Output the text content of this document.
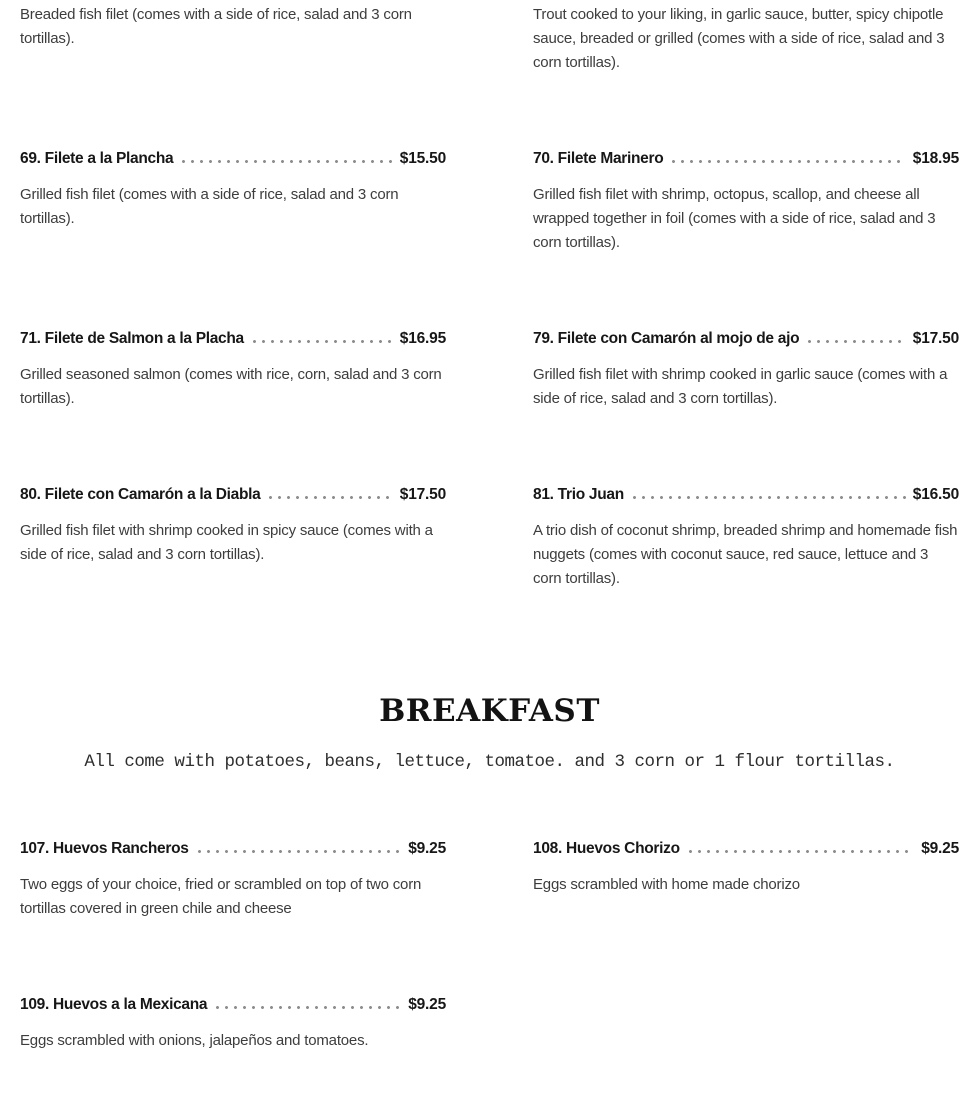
Breaded fish filet (comes with a side of rice, salad and 3 corn tortillas).

Trout cooked to your liking, in garlic sauce, butter, spicy chipotle sauce, breaded or grilled (comes with a side of rice, salad and 3 corn tortillas).

69. Filete a la Plancha	$15.50

Grilled fish filet (comes with a side of rice, salad and 3 corn tortillas).

70. Filete Marinero	$18.95

Grilled fish filet with shrimp, octopus, scallop, and cheese all wrapped together in foil (comes with a side of rice, salad and 3 corn tortillas).

71. Filete de Salmon a la Placha	$16.95

Grilled seasoned salmon (comes with rice, corn, salad and 3 corn tortillas).

79. Filete con Camarón al mojo de ajo	$17.50

Grilled fish filet with shrimp cooked in garlic sauce (comes with a side of rice, salad and 3 corn tortillas).

80. Filete con Camarón a la Diabla	$17.50

Grilled fish filet with shrimp cooked in spicy sauce (comes with a side of rice, salad and 3 corn tortillas).

81. Trio Juan	$16.50

A trio dish of coconut shrimp, breaded shrimp and homemade fish nuggets (comes with coconut sauce, red sauce, lettuce and 3 corn tortillas).

BREAKFAST

All come with potatoes, beans, lettuce, tomatoe. and 3 corn or 1 flour tortillas.

107. Huevos Rancheros	$9.25

Two eggs of your choice, fried or scrambled on top of two corn tortillas covered in green chile and cheese

108. Huevos Chorizo	$9.25

Eggs scrambled with home made chorizo

109. Huevos a la Mexicana	$9.25

Eggs scrambled with onions, jalapeños and tomatoes.
